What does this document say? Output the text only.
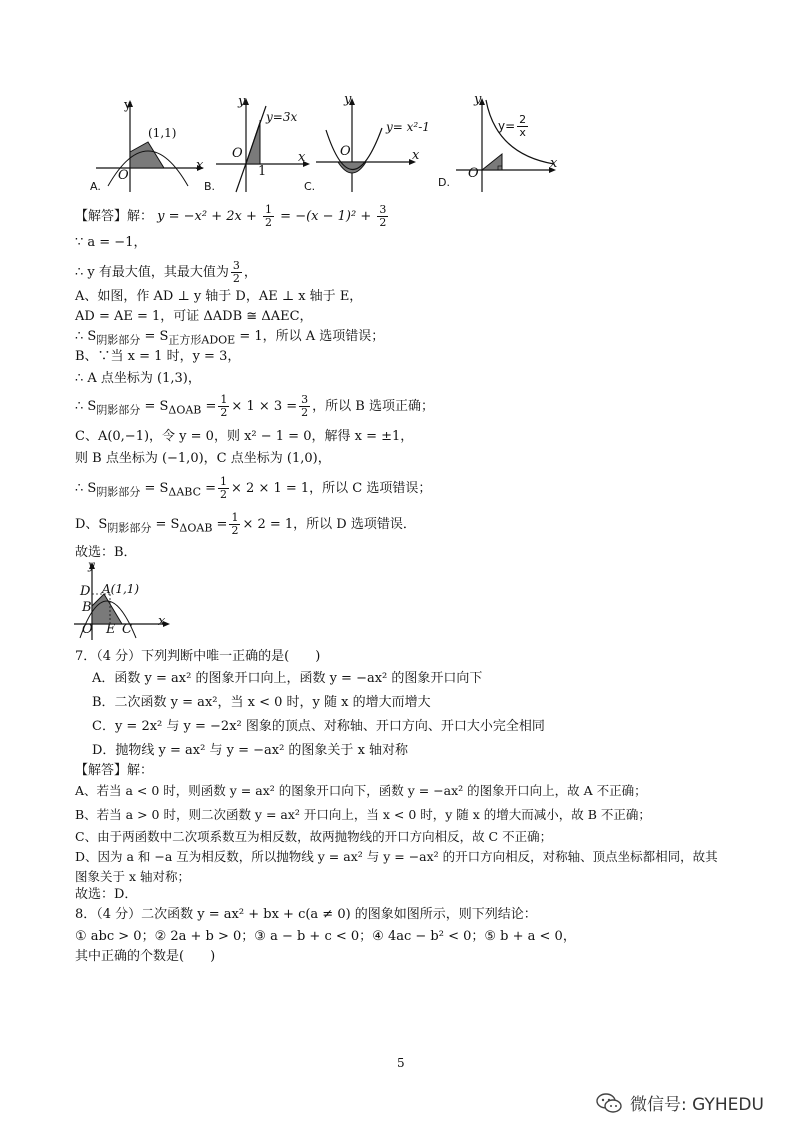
y
(1,1)
O
x
A.
y
y=3x
O
1
x
B.
y
y= x²-1
O	x
C.
y
$y= \frac{2}{x}$
O
x
D.
【解答】解： $y = -x^2 + 2x + \frac{1}{2} = -(x - 1)^2 + \frac{3}{2}$
∵ a = −1，
∴ y 有最大值，其最大值为 $\frac{3}{2}$ ，
A、如图，作 AD ⊥ y 轴于 D，AE ⊥ x 轴于 E，
AD = AE = 1，可证 ΔADB ≅ ΔAEC，
∴ $S_{阴影部分} = S_{正方形ADOE} = 1$，所以 A 选项错误；
B、∵当 x = 1 时，y = 3，
∴ A 点坐标为 (1,3)，
∴ $S_{阴影部分} = S_{\Delta OAB} = \frac{1}{2} \times 1 \times 3 = \frac{3}{2}$ ，所以 B 选项正确；
C、A(0,−1)，令 y = 0，则 x² − 1 = 0，解得 x = ±1，
则 B 点坐标为 (−1,0)，C 点坐标为 (1,0)，
∴ $S_{阴影部分} = S_{\Delta ABC} = \frac{1}{2} \times 2 \times 1 = 1$，所以 C 选项错误；
D、$S_{阴影部分} = S_{\Delta OAB} = \frac{1}{2} \times 2 = 1$，所以 D 选项错误．
故选：B．
y
D A(1,1)
B
O E C
x
7．（4 分）下列判断中唯一正确的是(　　)
A．函数 y = ax² 的图象开口向上，函数 y = −ax² 的图象开口向下
B．二次函数 y = ax²，当 x < 0 时，y 随 x 的增大而增大
C．y = 2x² 与 y = −2x² 图象的顶点、对称轴、开口方向、开口大小完全相同
D．抛物线 y = ax² 与 y = −ax² 的图象关于 x 轴对称
【解答】解：
A、若当 a < 0 时，则函数 y = ax² 的图象开口向下，函数 y = −ax² 的图象开口向上，故 A 不正确；
B、若当 a > 0 时，则二次函数 y = ax² 开口向上，当 x < 0 时，y 随 x 的增大而减小，故 B 不正确；
C、由于两函数中二次项系数互为相反数，故两抛物线的开口方向相反，故 C 不正确；
D、因为 a 和 −a 互为相反数，所以抛物线 y = ax² 与 y = −ax² 的开口方向相反，对称轴、顶点坐标都相同，故其
图象关于 x 轴对称；
故选：D．
8．（4 分）二次函数 y = ax² + bx + c(a ≠ 0) 的图象如图所示，则下列结论：
① abc > 0；② 2a + b > 0；③ a − b + c < 0；④ 4ac − b² < 0；⑤ b + a < 0，
其中正确的个数是(　　)
5
微信号: GYHEDU
